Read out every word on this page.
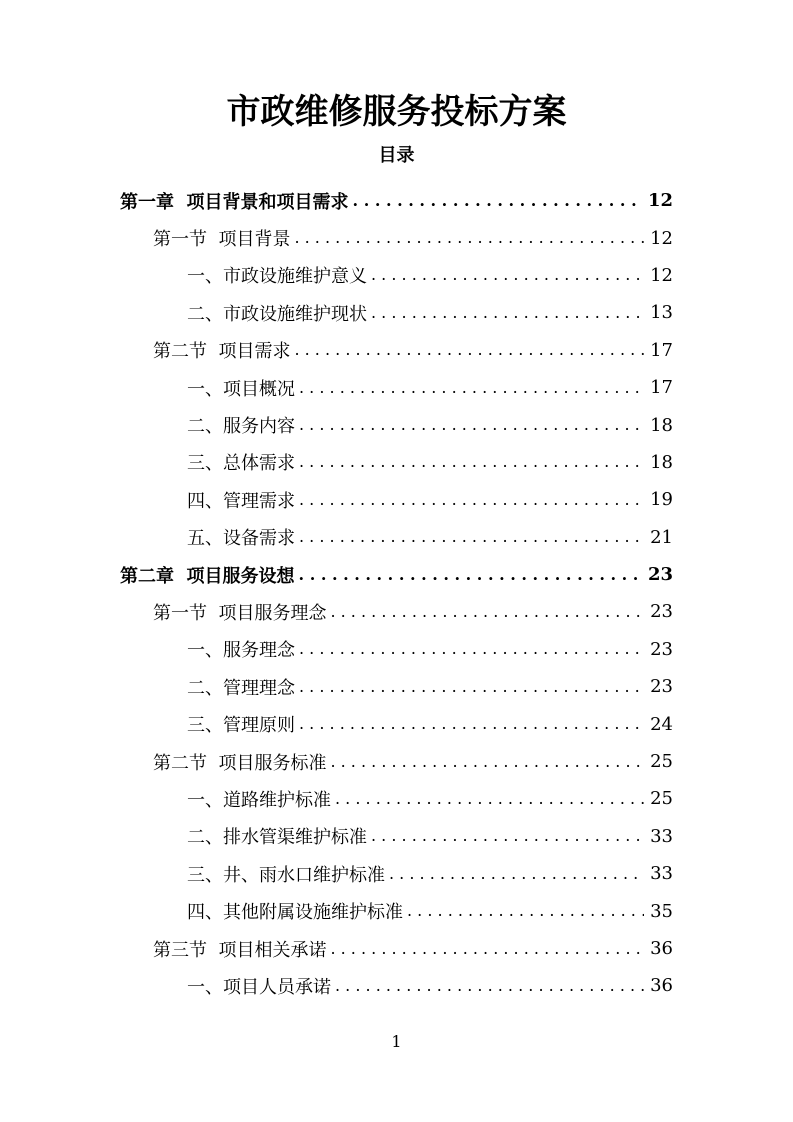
市政维修服务投标方案
目录
第一章  项目背景和项目需求 . . .	12
第一节  项目背景 . . .	12
一、市政设施维护意义 . . .	12
二、市政设施维护现状 . . .	13
第二节  项目需求 . . .	17
一、项目概况 . . .	17
二、服务内容 . . .	18
三、总体需求 . . .	18
四、管理需求 . . .	19
五、设备需求 . . .	21
第二章  项目服务设想 . . .	23
第一节  项目服务理念 . . .	23
一、服务理念 . . .	23
二、管理理念 . . .	23
三、管理原则 . . .	24
第二节  项目服务标准 . . .	25
一、道路维护标准 . . .	25
二、排水管渠维护标准 . . .	33
三、井、雨水口维护标准 . . .	33
四、其他附属设施维护标准 . . .	35
第三节  项目相关承诺 . . .	36
一、项目人员承诺 . . .	36
1
